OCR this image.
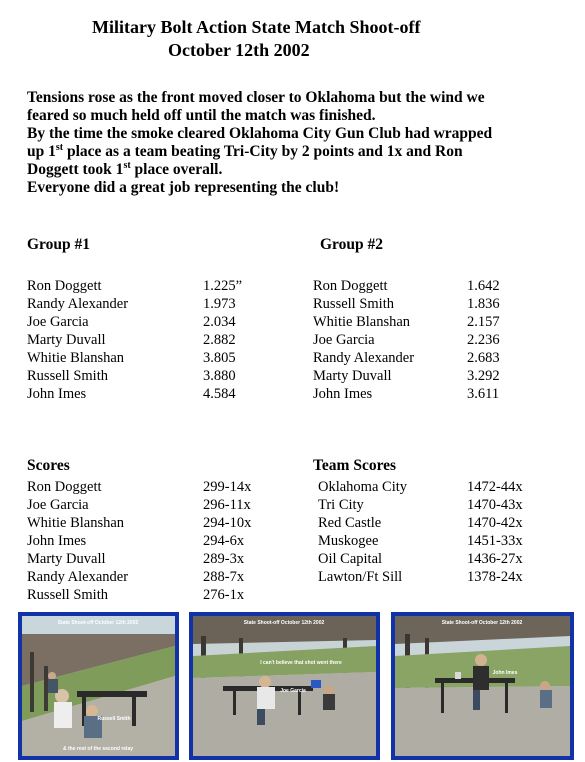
Military Bolt Action State Match Shoot-off
October 12th 2002
Tensions rose as the front moved closer to Oklahoma but the wind we
feared so much held off until the match was finished.
By the time the smoke cleared Oklahoma City Gun Club had wrapped
up 1st place as a team beating Tri-City by 2 points and 1x and Ron
Doggett took 1st place overall.
Everyone did a great job representing the club!
Group #1	Group #2
Ron Doggett
Randy Alexander
Joe Garcia
Marty Duvall
Whitie Blanshan
Russell Smith
John Imes
1.225”
1.973
2.034
2.882
3.805
3.880
4.584
Ron Doggett
Russell Smith
Whitie Blanshan
Joe Garcia
Randy Alexander
Marty Duvall
John Imes
1.642
1.836
2.157
2.236
2.683
3.292
3.611
Scores	Team Scores
Ron Doggett
Joe Garcia
Whitie Blanshan
John Imes
Marty Duvall
Randy Alexander
Russell Smith
299-14x
296-11x
294-10x
294-6x
289-3x
288-7x
276-1x
Oklahoma City
Tri City
Red Castle
Muskogee
Oil Capital
Lawton/Ft Sill
1472-44x
1470-43x
1470-42x
1451-33x
1436-27x
1378-24x
State Shoot-off October 12th 2002
Russell Smith
& the rest of the second relay
State Shoot-off October 12th 2002
I can't believe that shot went there
Joe Garcia
State Shoot-off October 12th 2002
John Imes
